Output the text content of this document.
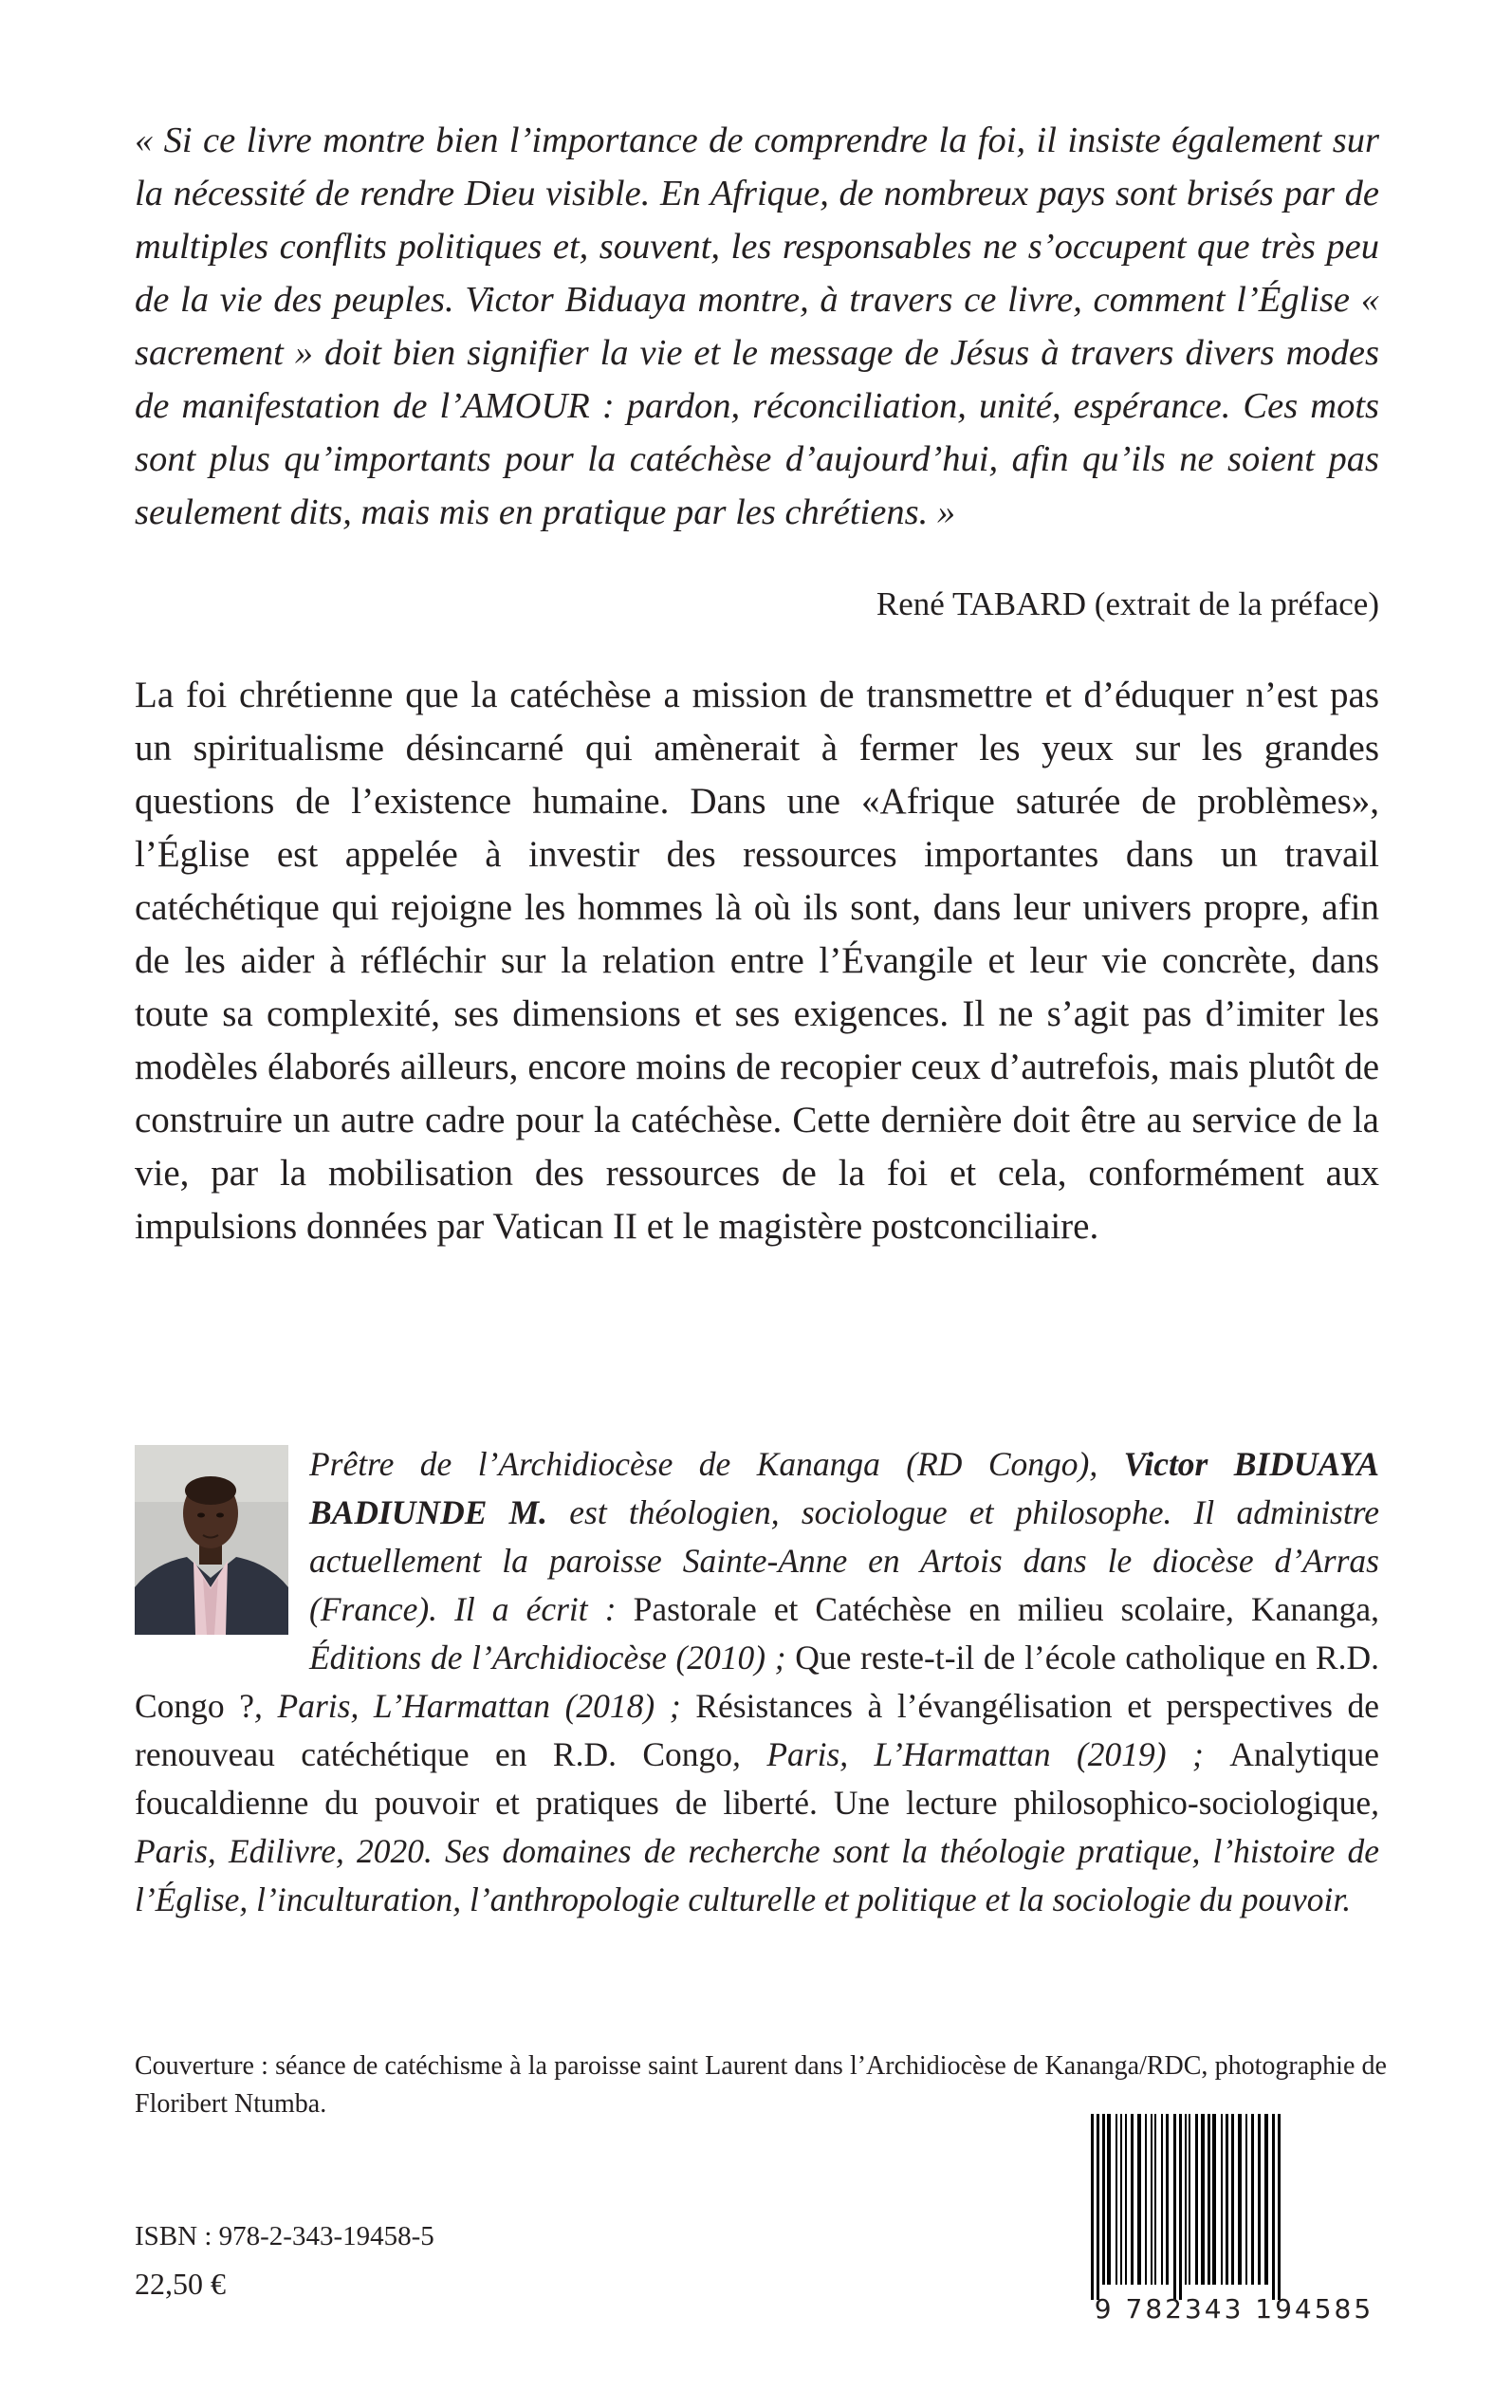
« Si ce livre montre bien l’importance de comprendre la foi, il insiste également sur la nécessité de rendre Dieu visible. En Afrique, de nombreux pays sont brisés par de multiples conflits politiques et, souvent, les responsables ne s’occupent que très peu de la vie des peuples. Victor Biduaya montre, à travers ce livre, comment l’Église « sacrement » doit bien signifier la vie et le message de Jésus à travers divers modes de manifestation de l’AMOUR : pardon, réconciliation, unité, espérance. Ces mots sont plus qu’importants pour la catéchèse d’aujourd’hui, afin qu’ils ne soient pas seulement dits, mais mis en pratique par les chrétiens. »
René TABARD (extrait de la préface)
La foi chrétienne que la catéchèse a mission de transmettre et d’éduquer n’est pas un spiritualisme désincarné qui amènerait à fermer les yeux sur les grandes questions de l’existence humaine. Dans une «Afrique saturée de problèmes», l’Église est appelée à investir des ressources importantes dans un travail catéchétique qui rejoigne les hommes là où ils sont, dans leur univers propre, afin de les aider à réfléchir sur la relation entre l’Évangile et leur vie concrète, dans toute sa complexité, ses dimensions et ses exigences. Il ne s’agit pas d’imiter les modèles élaborés ailleurs, encore moins de recopier ceux d’autrefois, mais plutôt de construire un autre cadre pour la catéchèse. Cette dernière doit être au service de la vie, par la mobilisation des ressources de la foi et cela, conformément aux impulsions données par Vatican II et le magistère postconciliaire.
Prêtre de l’Archidiocèse de Kananga (RD Congo), Victor BIDUAYA BADIUNDE M. est théologien, sociologue et philosophe. Il administre actuellement la paroisse Sainte-Anne en Artois dans le diocèse d’Arras (France). Il a écrit : Pastorale et Catéchèse en milieu scolaire, Kananga, Éditions de l’Archidiocèse (2010) ; Que reste-t-il de l’école catholique en R.D. Congo ?, Paris, L’Harmattan (2018) ; Résistances à l’évangélisation et perspectives de renouveau catéchétique en R.D. Congo, Paris, L’Harmattan (2019) ; Analytique foucaldienne du pouvoir et pratiques de liberté. Une lecture philosophico-sociologique, Paris, Edilivre, 2020. Ses domaines de recherche sont la théologie pratique, l’histoire de l’Église, l’inculturation, l’anthropologie culturelle et politique et la sociologie du pouvoir.
Couverture : séance de catéchisme à la paroisse saint Laurent dans l’Archidiocèse de Kananga/RDC, photographie de Floribert Ntumba.
ISBN : 978-2-343-19458-5
22,50 €
9 782343 194585
